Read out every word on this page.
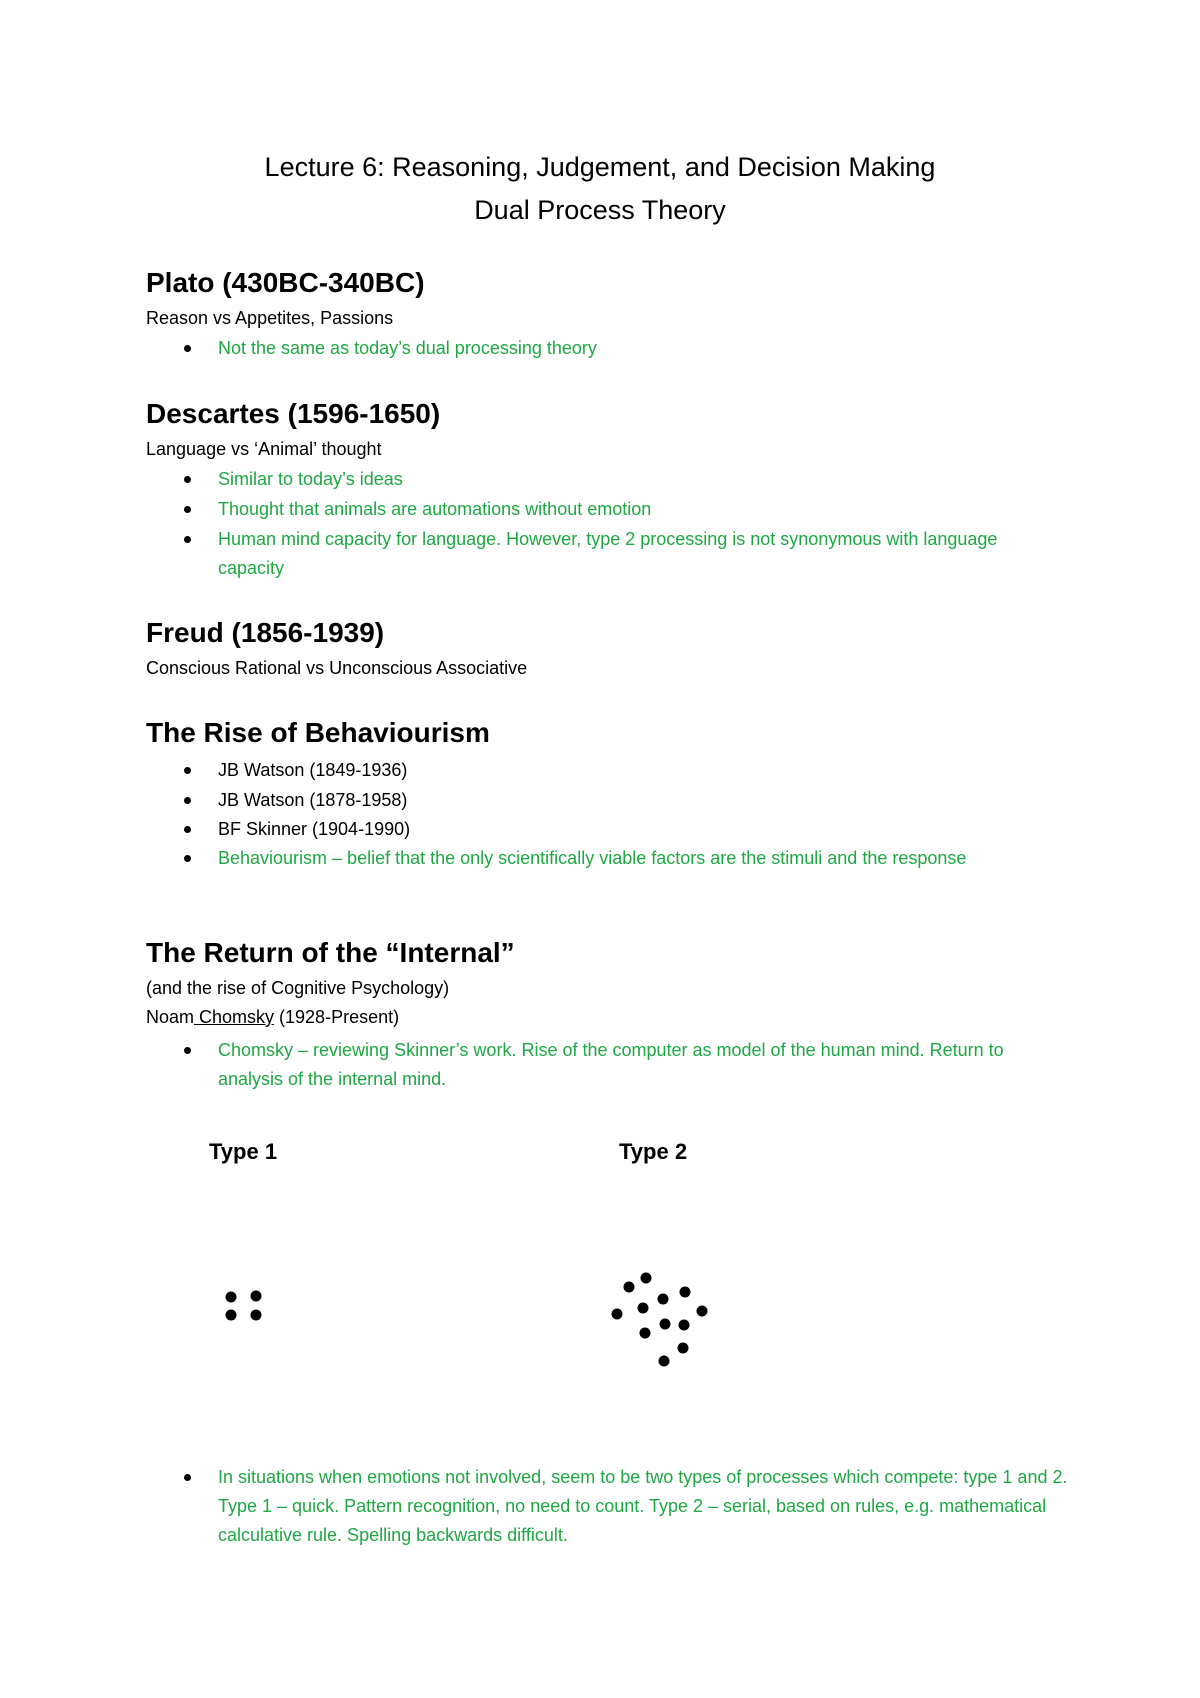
Lecture 6: Reasoning, Judgement, and Decision Making
Dual Process Theory
Plato (430BC-340BC)
Reason vs Appetites, Passions
Not the same as today’s dual processing theory
Descartes (1596-1650)
Language vs ‘Animal’ thought
Similar to today’s ideas
Thought that animals are automations without emotion
Human mind capacity for language. However, type 2 processing is not synonymous with language capacity
Freud (1856-1939)
Conscious Rational vs Unconscious Associative
The Rise of Behaviourism
JB Watson (1849-1936)
JB Watson (1878-1958)
BF Skinner (1904-1990)
Behaviourism – belief that the only scientifically viable factors are the stimuli and the response
The Return of the “Internal”
(and the rise of Cognitive Psychology)
Noam Chomsky (1928-Present)
Chomsky – reviewing Skinner’s work. Rise of the computer as model of the human mind. Return to analysis of the internal mind.
Type 1	Type 2
In situations when emotions not involved, seem to be two types of processes which compete: type 1 and 2. Type 1 – quick. Pattern recognition, no need to count. Type 2 – serial, based on rules, e.g. mathematical calculative rule. Spelling backwards difficult.
